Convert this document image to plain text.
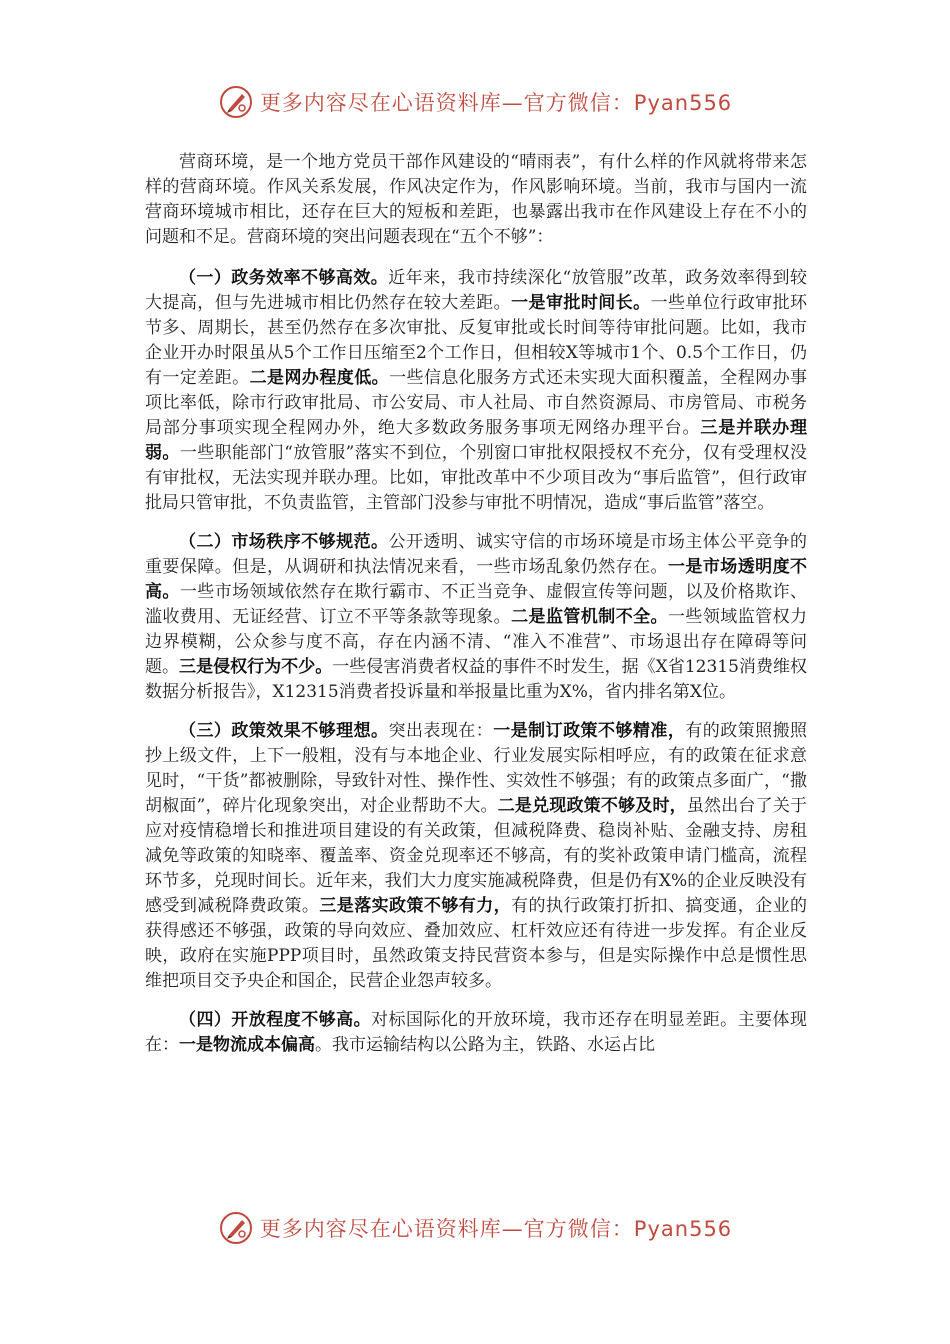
更多内容尽在心语资料库—官方微信：Pyan556

营商环境，是一个地方党员干部作风建设的“晴雨表”，有什么样的作风就将带来怎样的营商环境。作风关系发展，作风决定作为，作风影响环境。当前，我市与国内一流营商环境城市相比，还存在巨大的短板和差距，也暴露出我市在作风建设上存在不小的问题和不足。营商环境的突出问题表现在“五个不够”：

（一）政务效率不够高效。近年来，我市持续深化“放管服”改革，政务效率得到较大提高，但与先进城市相比仍然存在较大差距。一是审批时间长。一些单位行政审批环节多、周期长，甚至仍然存在多次审批、反复审批或长时间等待审批问题。比如，我市企业开办时限虽从5个工作日压缩至2个工作日，但相较X等城市1个、0.5个工作日，仍有一定差距。二是网办程度低。一些信息化服务方式还未实现大面积覆盖，全程网办事项比率低，除市行政审批局、市公安局、市人社局、市自然资源局、市房管局、市税务局部分事项实现全程网办外，绝大多数政务服务事项无网络办理平台。三是并联办理弱。一些职能部门“放管服”落实不到位，个别窗口审批权限授权不充分，仅有受理权没有审批权，无法实现并联办理。比如，审批改革中不少项目改为“事后监管”，但行政审批局只管审批，不负责监管，主管部门没参与审批不明情况，造成“事后监管”落空。

（二）市场秩序不够规范。公开透明、诚实守信的市场环境是市场主体公平竞争的重要保障。但是，从调研和执法情况来看，一些市场乱象仍然存在。一是市场透明度不高。一些市场领域依然存在欺行霸市、不正当竞争、虚假宣传等问题，以及价格欺诈、滥收费用、无证经营、订立不平等条款等现象。二是监管机制不全。一些领域监管权力边界模糊，公众参与度不高，存在内涵不清、“准入不准营”、市场退出存在障碍等问题。三是侵权行为不少。一些侵害消费者权益的事件不时发生，据《X省12315消费维权数据分析报告》，X12315消费者投诉量和举报量比重为X%，省内排名第X位。

（三）政策效果不够理想。突出表现在：一是制订政策不够精准，有的政策照搬照抄上级文件，上下一般粗，没有与本地企业、行业发展实际相呼应，有的政策在征求意见时，“干货”都被删除，导致针对性、操作性、实效性不够强；有的政策点多面广，“撒胡椒面”，碎片化现象突出，对企业帮助不大。二是兑现政策不够及时，虽然出台了关于应对疫情稳增长和推进项目建设的有关政策，但减税降费、稳岗补贴、金融支持、房租减免等政策的知晓率、覆盖率、资金兑现率还不够高，有的奖补政策申请门槛高，流程环节多，兑现时间长。近年来，我们大力度实施减税降费，但是仍有X%的企业反映没有感受到减税降费政策。三是落实政策不够有力，有的执行政策打折扣、搞变通，企业的获得感还不够强，政策的导向效应、叠加效应、杠杆效应还有待进一步发挥。有企业反映，政府在实施PPP项目时，虽然政策支持民营资本参与，但是实际操作中总是惯性思维把项目交予央企和国企，民营企业怨声较多。

（四）开放程度不够高。对标国际化的开放环境，我市还存在明显差距。主要体现在：一是物流成本偏高。我市运输结构以公路为主，铁路、水运占比

更多内容尽在心语资料库—官方微信：Pyan556
